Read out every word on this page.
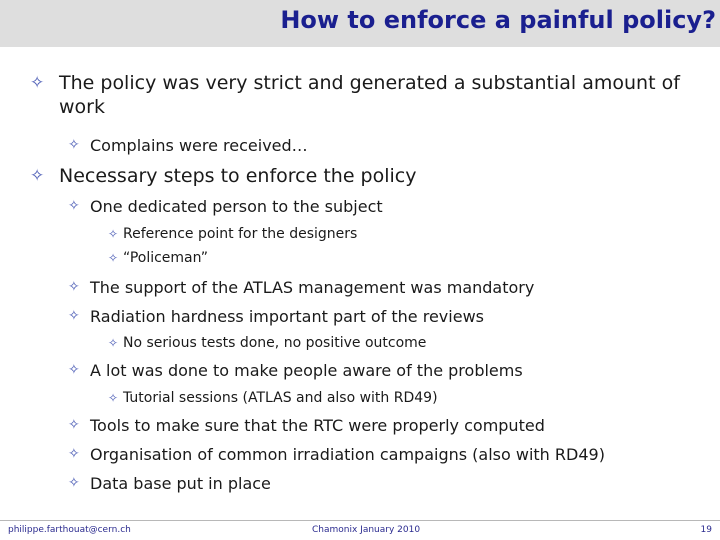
How to enforce a painful policy?
✧ The policy was very strict and generated a substantial amount of
work
✧ Complains were received…
✧ Necessary steps to enforce the policy
✧ One dedicated person to the subject
✧ Reference point for the designers
✧ “Policeman”
✧ The support of the ATLAS management was mandatory
✧ Radiation hardness important part of the reviews
✧ No serious tests done, no positive outcome
✧ A lot was done to make people aware of the problems
✧ Tutorial sessions (ATLAS and also with RD49)
✧ Tools to make sure that the RTC were properly computed
✧ Organisation of common irradiation campaigns (also with RD49)
✧ Data base put in place
philippe.farthouat@cern.ch	Chamonix January 2010	19
